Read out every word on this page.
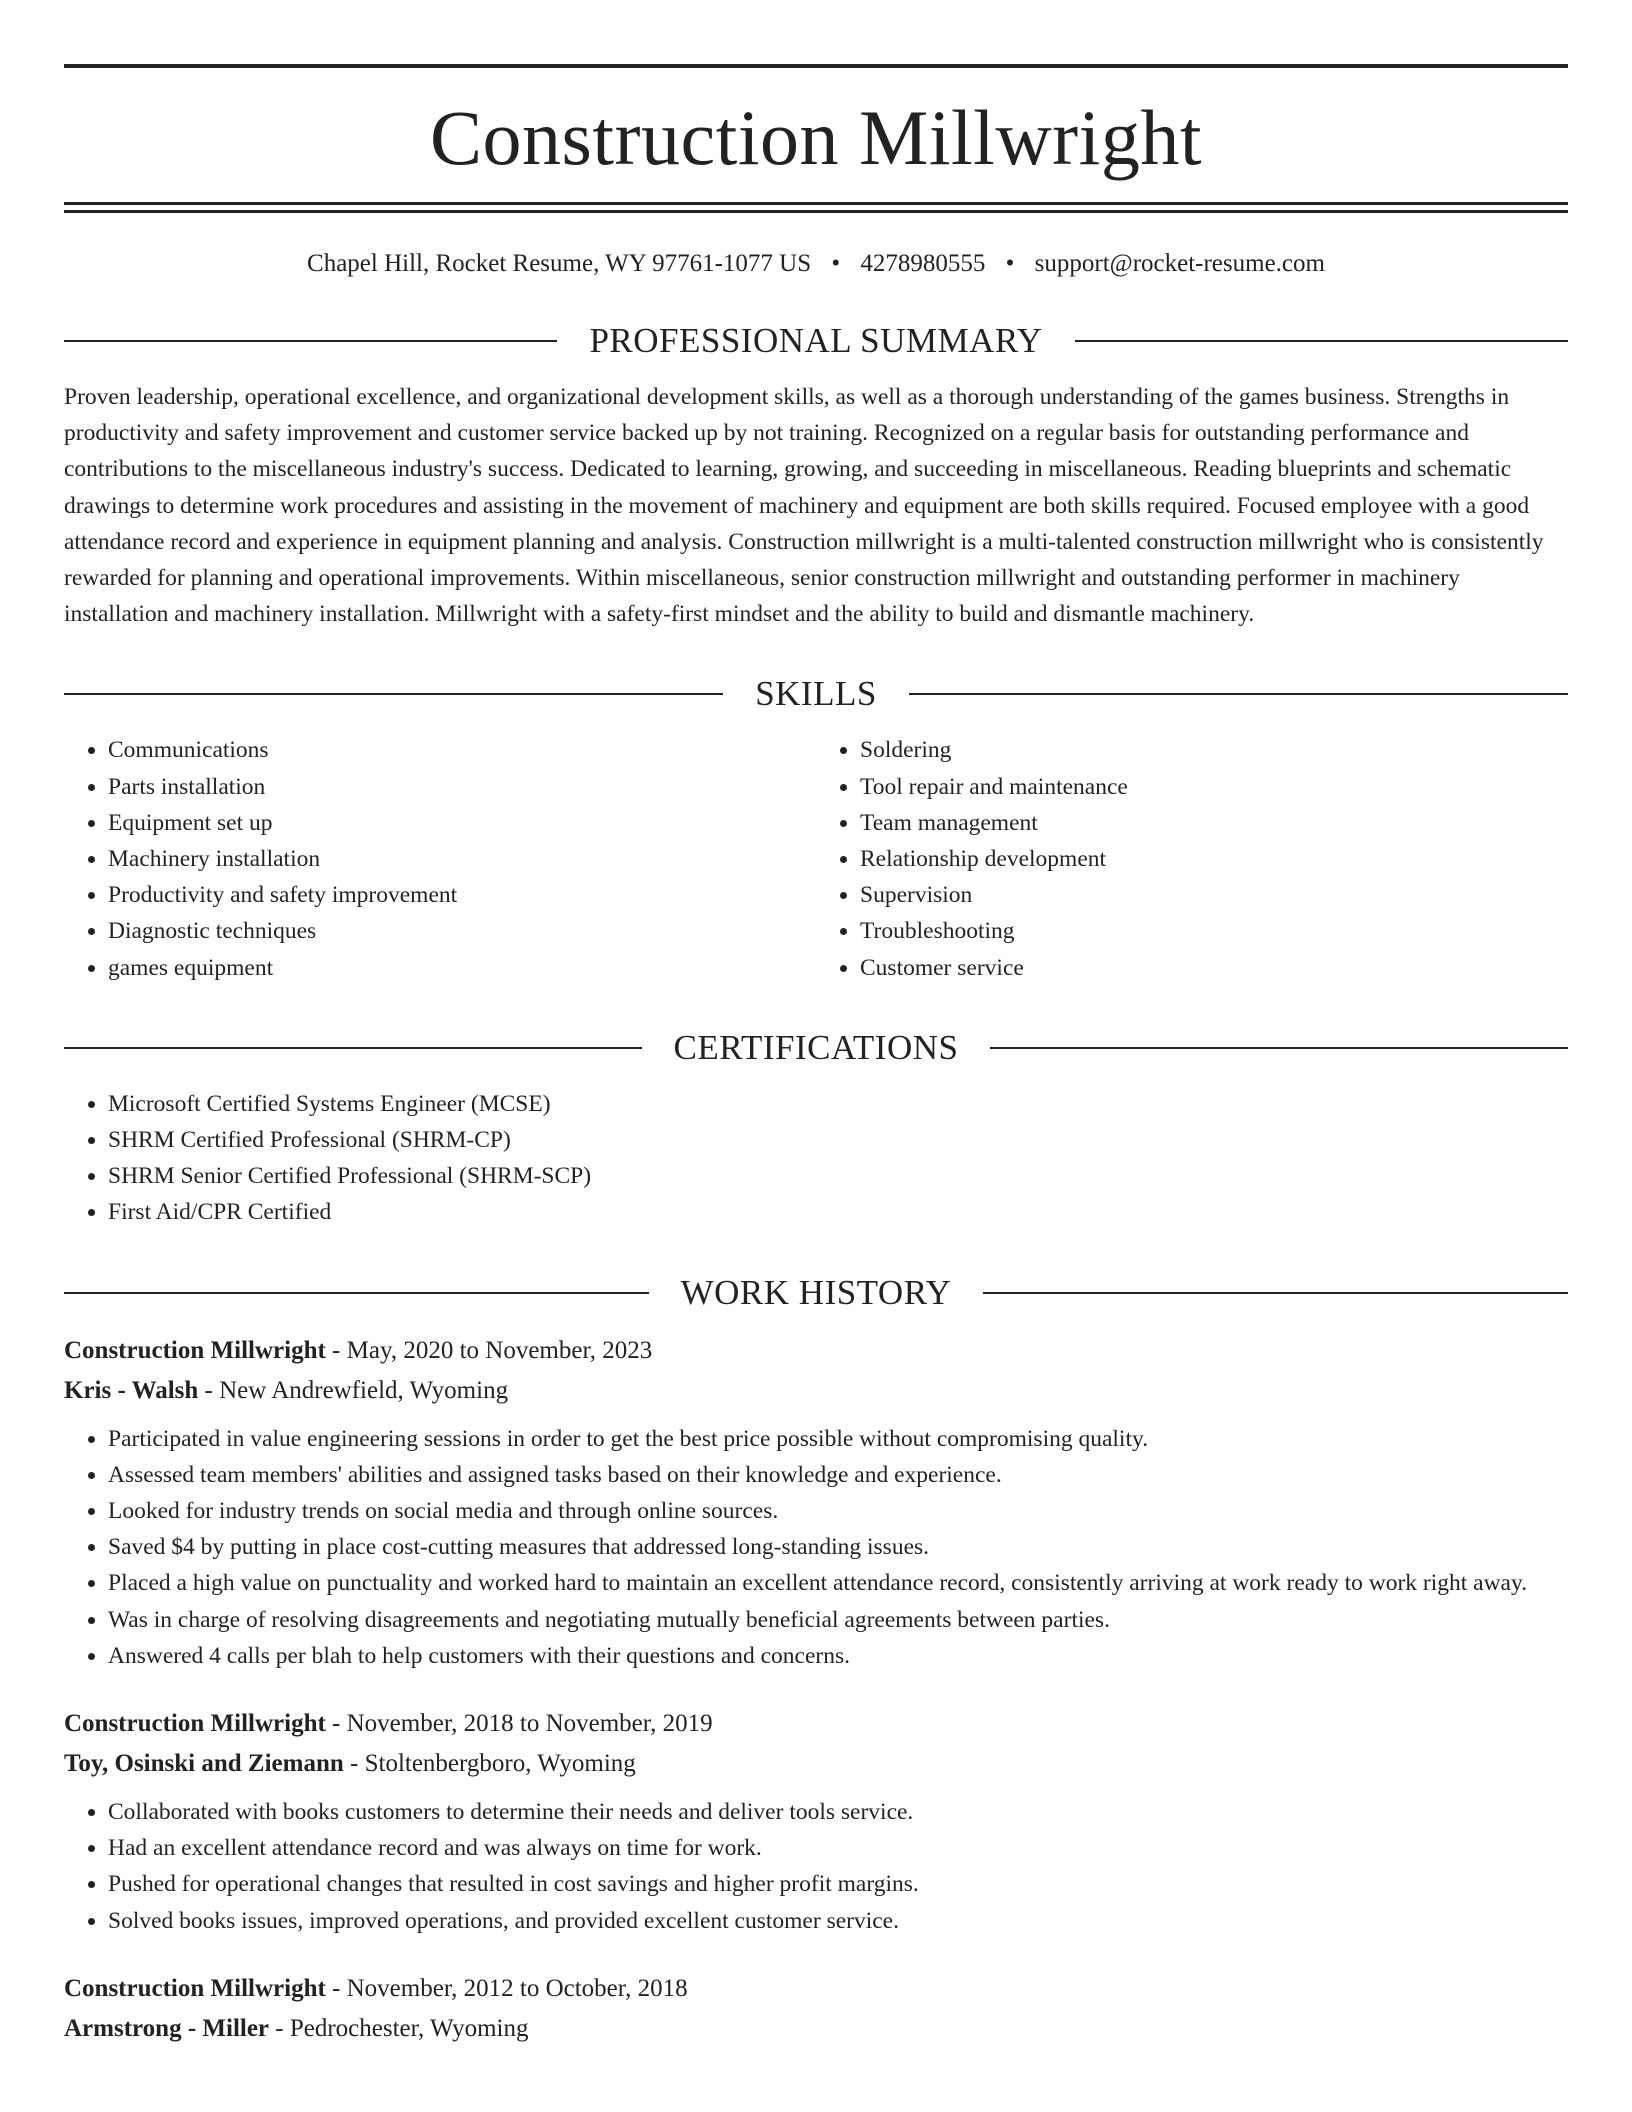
Construction Millwright
Chapel Hill, Rocket Resume, WY 97761-1077 US • 4278980555 • support@rocket-resume.com
PROFESSIONAL SUMMARY

Proven leadership, operational excellence, and organizational development skills, as well as a thorough understanding of the games business. Strengths in productivity and safety improvement and customer service backed up by not training. Recognized on a regular basis for outstanding performance and contributions to the miscellaneous industry's success. Dedicated to learning, growing, and succeeding in miscellaneous. Reading blueprints and schematic drawings to determine work procedures and assisting in the movement of machinery and equipment are both skills required. Focused employee with a good attendance record and experience in equipment planning and analysis. Construction millwright is a multi-talented construction millwright who is consistently rewarded for planning and operational improvements. Within miscellaneous, senior construction millwright and outstanding performer in machinery installation and machinery installation. Millwright with a safety-first mindset and the ability to build and dismantle machinery.

SKILLS
• Communications
• Parts installation
• Equipment set up
• Machinery installation
• Productivity and safety improvement
• Diagnostic techniques
• games equipment
• Soldering
• Tool repair and maintenance
• Team management
• Relationship development
• Supervision
• Troubleshooting
• Customer service
CERTIFICATIONS
• Microsoft Certified Systems Engineer (MCSE)
• SHRM Certified Professional (SHRM-CP)
• SHRM Senior Certified Professional (SHRM-SCP)
• First Aid/CPR Certified
WORK HISTORY
Construction Millwright - May, 2020 to November, 2023
Kris - Walsh - New Andrewfield, Wyoming
• Participated in value engineering sessions in order to get the best price possible without compromising quality.
• Assessed team members' abilities and assigned tasks based on their knowledge and experience.
• Looked for industry trends on social media and through online sources.
• Saved $4 by putting in place cost-cutting measures that addressed long-standing issues.
• Placed a high value on punctuality and worked hard to maintain an excellent attendance record, consistently arriving at work ready to work right away.
• Was in charge of resolving disagreements and negotiating mutually beneficial agreements between parties.
• Answered 4 calls per blah to help customers with their questions and concerns.
Construction Millwright - November, 2018 to November, 2019
Toy, Osinski and Ziemann - Stoltenbergboro, Wyoming
• Collaborated with books customers to determine their needs and deliver tools service.
• Had an excellent attendance record and was always on time for work.
• Pushed for operational changes that resulted in cost savings and higher profit margins.
• Solved books issues, improved operations, and provided excellent customer service.
Construction Millwright - November, 2012 to October, 2018
Armstrong - Miller - Pedrochester, Wyoming
